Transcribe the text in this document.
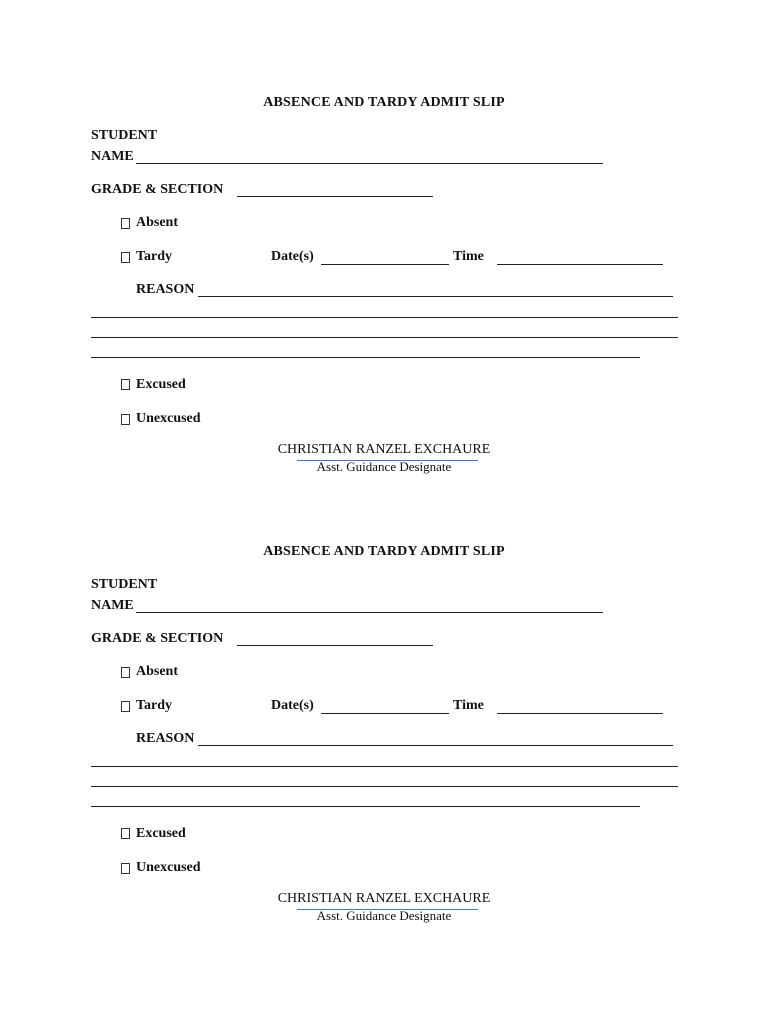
ABSENCE AND TARDY ADMIT SLIP
STUDENT
NAME
GRADE & SECTION
Absent
Tardy	Date(s)	Time
REASON
Excused
Unexcused
CHRISTIAN RANZEL EXCHAURE
Asst. Guidance Designate
ABSENCE AND TARDY ADMIT SLIP
STUDENT
NAME
GRADE & SECTION
Absent
Tardy	Date(s)	Time
REASON
Excused
Unexcused
CHRISTIAN RANZEL EXCHAURE
Asst. Guidance Designate
